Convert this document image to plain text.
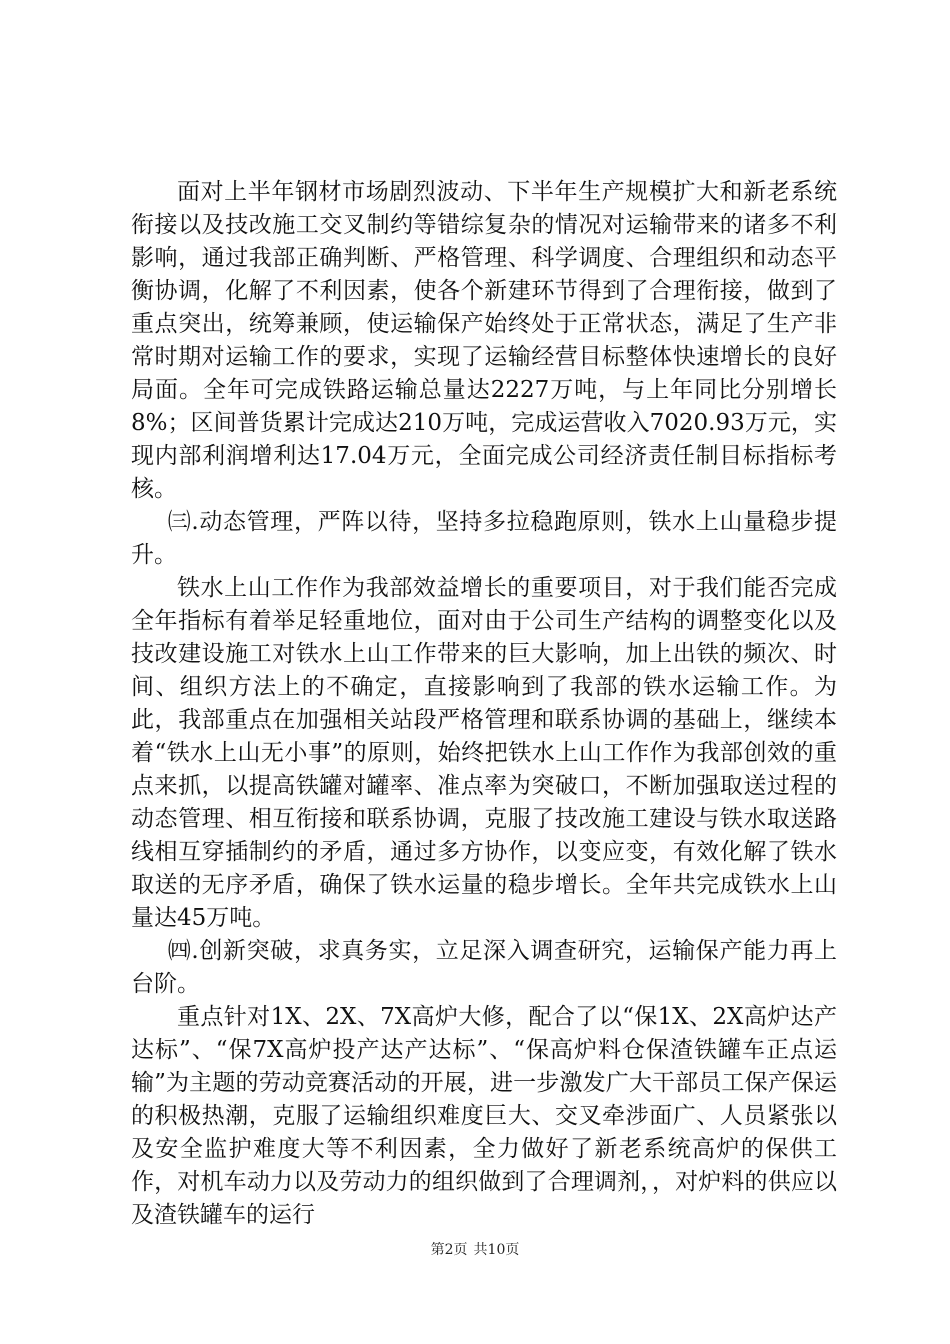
面对上半年钢材市场剧烈波动、下半年生产规模扩大和新老系统衔接以及技改施工交叉制约等错综复杂的情况对运输带来的诸多不利影响，通过我部正确判断、严格管理、科学调度、合理组织和动态平衡协调，化解了不利因素，使各个新建环节得到了合理衔接，做到了重点突出，统筹兼顾，使运输保产始终处于正常状态，满足了生产非常时期对运输工作的要求，实现了运输经营目标整体快速增长的良好局面。全年可完成铁路运输总量达2227万吨，与上年同比分别增长8%；区间普货累计完成达210万吨，完成运营收入7020.93万元，实现内部利润增利达17.04万元，全面完成公司经济责任制目标指标考核。

㈢.动态管理，严阵以待，坚持多拉稳跑原则，铁水上山量稳步提升。

铁水上山工作作为我部效益增长的重要项目，对于我们能否完成全年指标有着举足轻重地位，面对由于公司生产结构的调整变化以及技改建设施工对铁水上山工作带来的巨大影响，加上出铁的频次、时间、组织方法上的不确定，直接影响到了我部的铁水运输工作。为此，我部重点在加强相关站段严格管理和联系协调的基础上，继续本着“铁水上山无小事”的原则，始终把铁水上山工作作为我部创效的重点来抓，以提高铁罐对罐率、准点率为突破口，不断加强取送过程的动态管理、相互衔接和联系协调，克服了技改施工建设与铁水取送路线相互穿插制约的矛盾，通过多方协作，以变应变，有效化解了铁水取送的无序矛盾，确保了铁水运量的稳步增长。全年共完成铁水上山量达45万吨。

㈣.创新突破，求真务实，立足深入调查研究，运输保产能力再上台阶。

重点针对1X、2X、7X高炉大修，配合了以“保1X、2X高炉达产达标”、“保7X高炉投产达产达标”、“保高炉料仓保渣铁罐车正点运输”为主题的劳动竞赛活动的开展，进一步激发广大干部员工保产保运的积极热潮，克服了运输组织难度巨大、交叉牵涉面广、人员紧张以及安全监护难度大等不利因素，全力做好了新老系统高炉的保供工作，对机车动力以及劳动力的组织做到了合理调剂，，对炉料的供应以及渣铁罐车的运行

第2页 共10页
